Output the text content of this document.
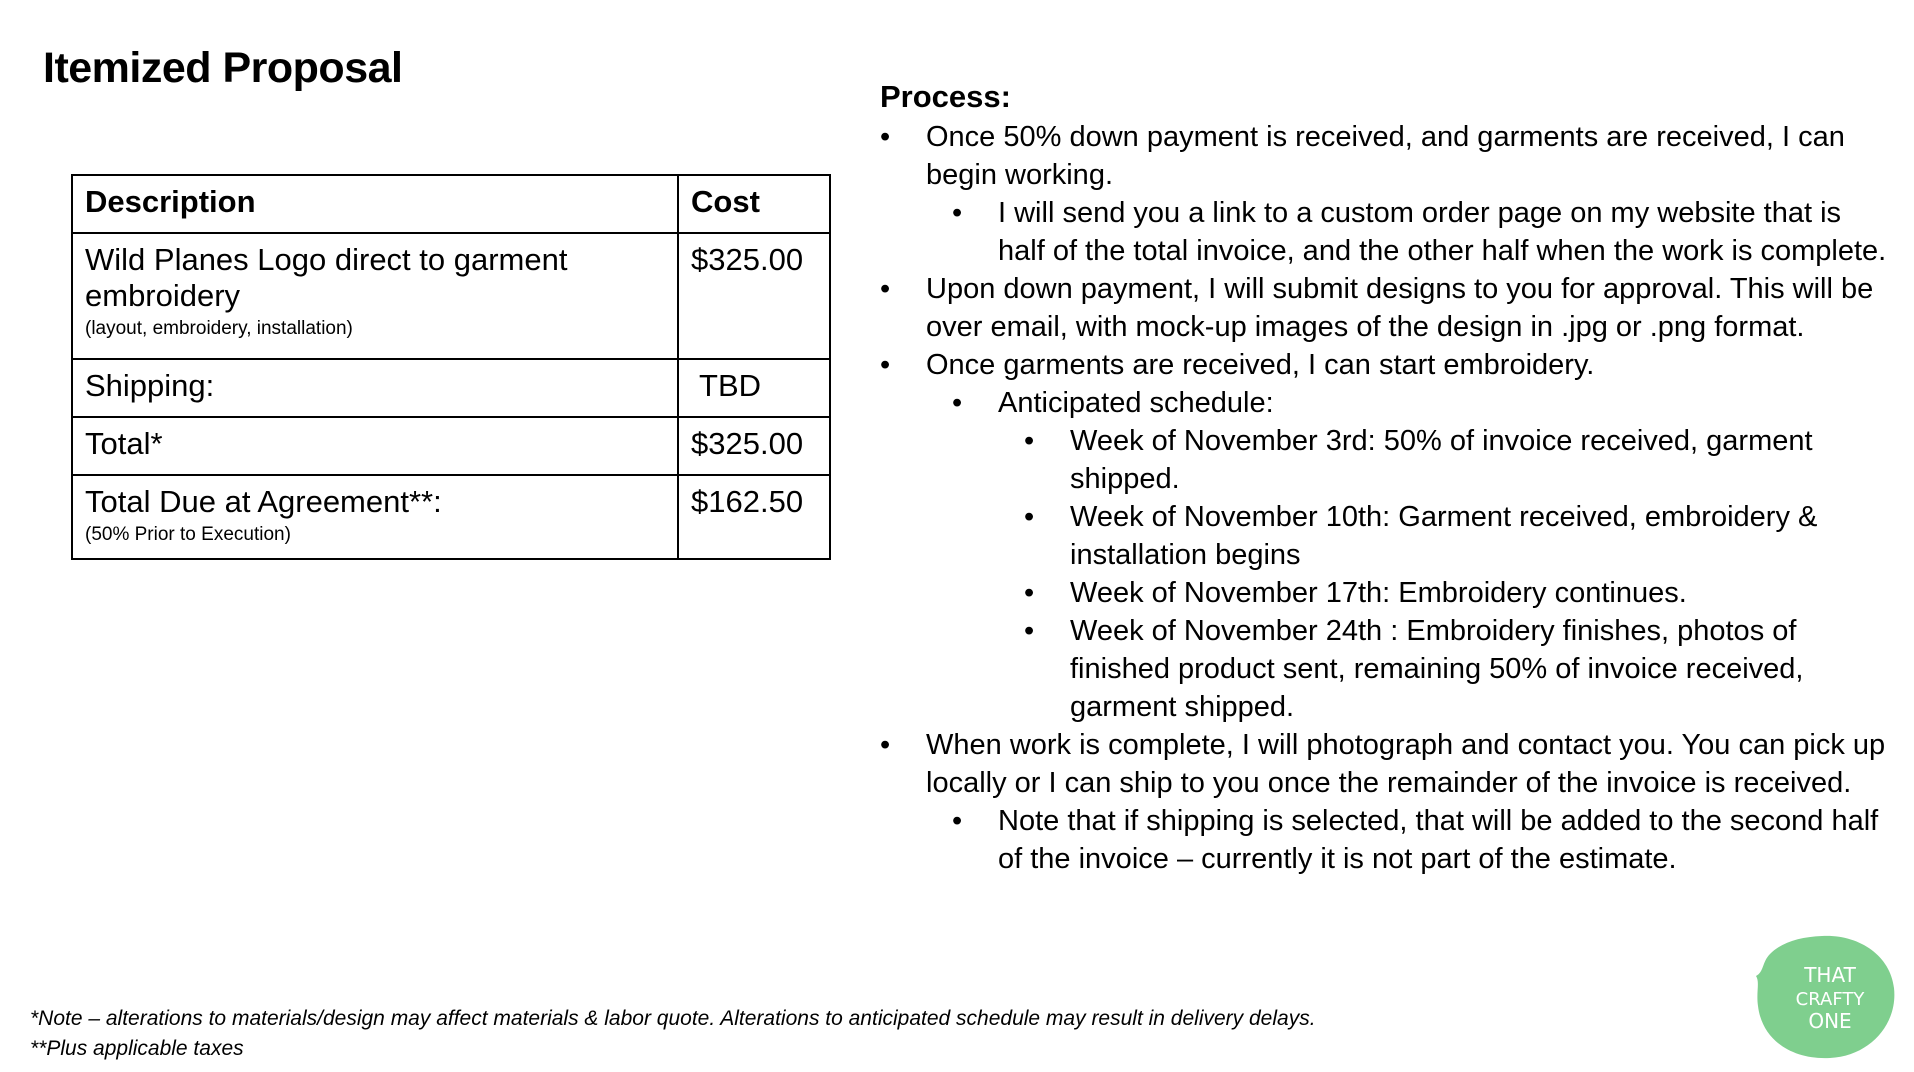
Itemized Proposal
Description	Cost
Wild Planes Logo direct to garment embroidery
(layout, embroidery, installation)	$325.00
Shipping:	TBD
Total*	$325.00
Total Due at Agreement**:
(50% Prior to Execution)	$162.50
Process:
• Once 50% down payment is received, and garments are received, I can begin working.
• I will send you a link to a custom order page on my website that is half of the total invoice, and the other half when the work is complete.
• Upon down payment, I will submit designs to you for approval. This will be over email, with mock-up images of the design in .jpg or .png format.
• Once garments are received, I can start embroidery.
• Anticipated schedule:
• Week of November 3rd: 50% of invoice received, garment shipped.
• Week of November 10th: Garment received, embroidery & installation begins
• Week of November 17th: Embroidery continues.
• Week of November 24th : Embroidery finishes, photos of finished product sent, remaining 50% of invoice received, garment shipped.
• When work is complete, I will photograph and contact you. You can pick up locally or I can ship to you once the remainder of the invoice is received.
• Note that if shipping is selected, that will be added to the second half of the invoice – currently it is not part of the estimate.
*Note – alterations to materials/design may affect materials & labor quote. Alterations to anticipated schedule may result in delivery delays.
**Plus applicable taxes
THAT
CRAFTY
ONE
